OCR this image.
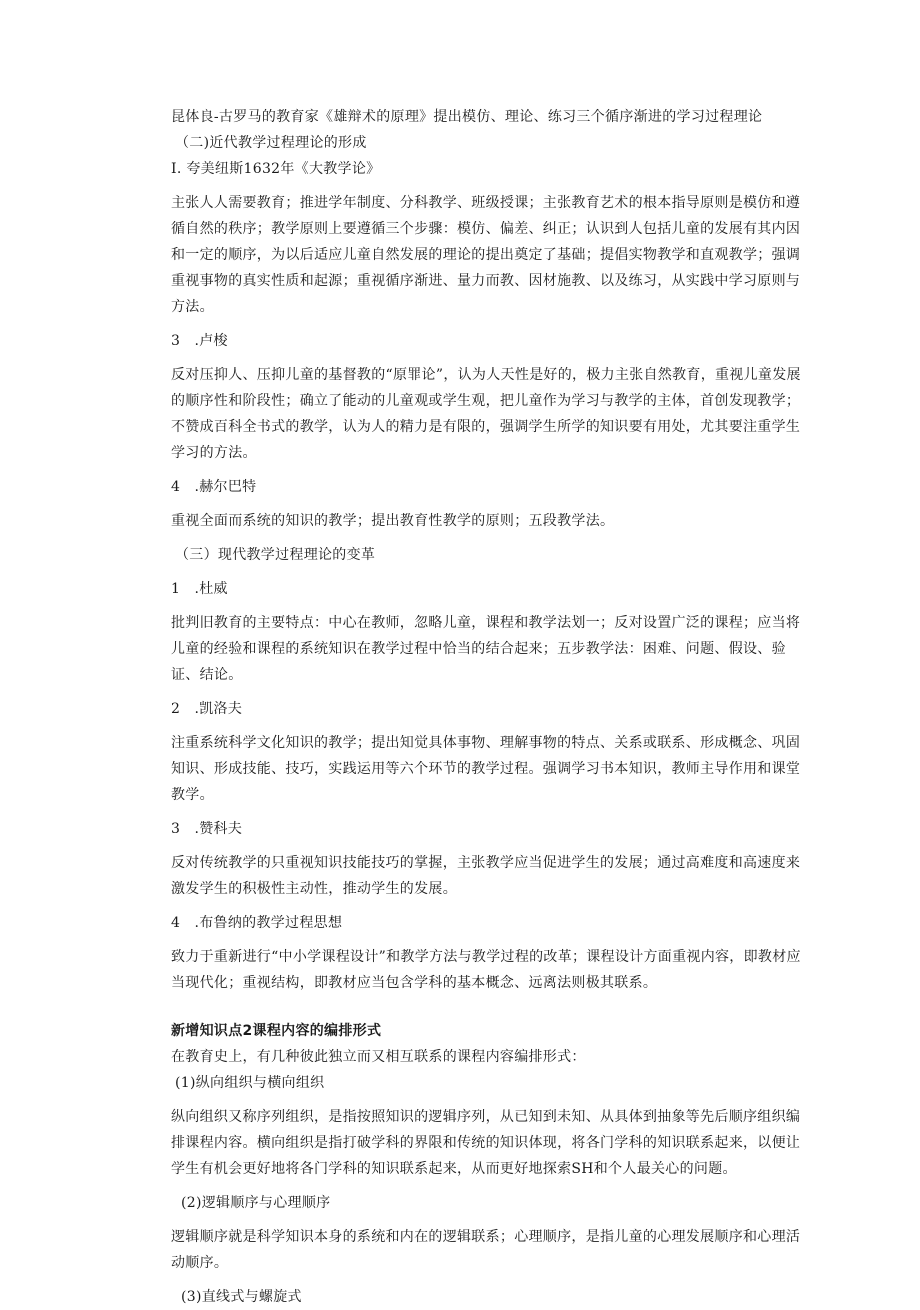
昆体良-古罗马的教育家《雄辩术的原理》提出模仿、理论、练习三个循序渐进的学习过程理论

（二)近代教学过程理论的形成

I. 夸美纽斯1632年《大教学论》

主张人人需要教育；推进学年制度、分科教学、班级授课；主张教育艺术的根本指导原则是模仿和遵循自然的秩序；教学原则上要遵循三个步骤：模仿、偏差、纠正；认识到人包括儿童的发展有其内因和一定的顺序，为以后适应儿童自然发展的理论的提出奠定了基础；提倡实物教学和直观教学；强调重视事物的真实性质和起源；重视循序渐进、量力而教、因材施教、以及练习，从实践中学习原则与方法。

3　.卢梭

反对压抑人、压抑儿童的基督教的“原罪论”，认为人天性是好的，极力主张自然教育，重视儿童发展的顺序性和阶段性；确立了能动的儿童观或学生观，把儿童作为学习与教学的主体，首创发现教学；不赞成百科全书式的教学，认为人的精力是有限的，强调学生所学的知识要有用处，尤其要注重学生学习的方法。

4　.赫尔巴特

重视全面而系统的知识的教学；提出教育性教学的原则；五段教学法。

（三）现代教学过程理论的变革

1　.杜威

批判旧教育的主要特点：中心在教师，忽略儿童，课程和教学法划一；反对设置广泛的课程；应当将儿童的经验和课程的系统知识在教学过程中恰当的结合起来；五步教学法：困难、问题、假设、验证、结论。

2　.凯洛夫

注重系统科学文化知识的教学；提出知觉具体事物、理解事物的特点、关系或联系、形成概念、巩固知识、形成技能、技巧，实践运用等六个环节的教学过程。强调学习书本知识，教师主导作用和课堂教学。

3　.赞科夫

反对传统教学的只重视知识技能技巧的掌握，主张教学应当促进学生的发展；通过高难度和高速度来激发学生的积极性主动性，推动学生的发展。

4　.布鲁纳的教学过程思想

致力于重新进行“中小学课程设计”和教学方法与教学过程的改革；课程设计方面重视内容，即教材应当现代化；重视结构，即教材应当包含学科的基本概念、远离法则极其联系。

新增知识点2课程内容的编排形式

在教育史上，有几种彼此独立而又相互联系的课程内容编排形式：

(1)纵向组织与横向组织

纵向组织又称序列组织，是指按照知识的逻辑序列，从已知到未知、从具体到抽象等先后顺序组织编排课程内容。横向组织是指打破学科的界限和传统的知识体现，将各门学科的知识联系起来，以便让学生有机会更好地将各门学科的知识联系起来，从而更好地探索SH和个人最关心的问题。

(2)逻辑顺序与心理顺序

逻辑顺序就是科学知识本身的系统和内在的逻辑联系；心理顺序，是指儿童的心理发展顺序和心理活动顺序。

(3)直线式与螺旋式
